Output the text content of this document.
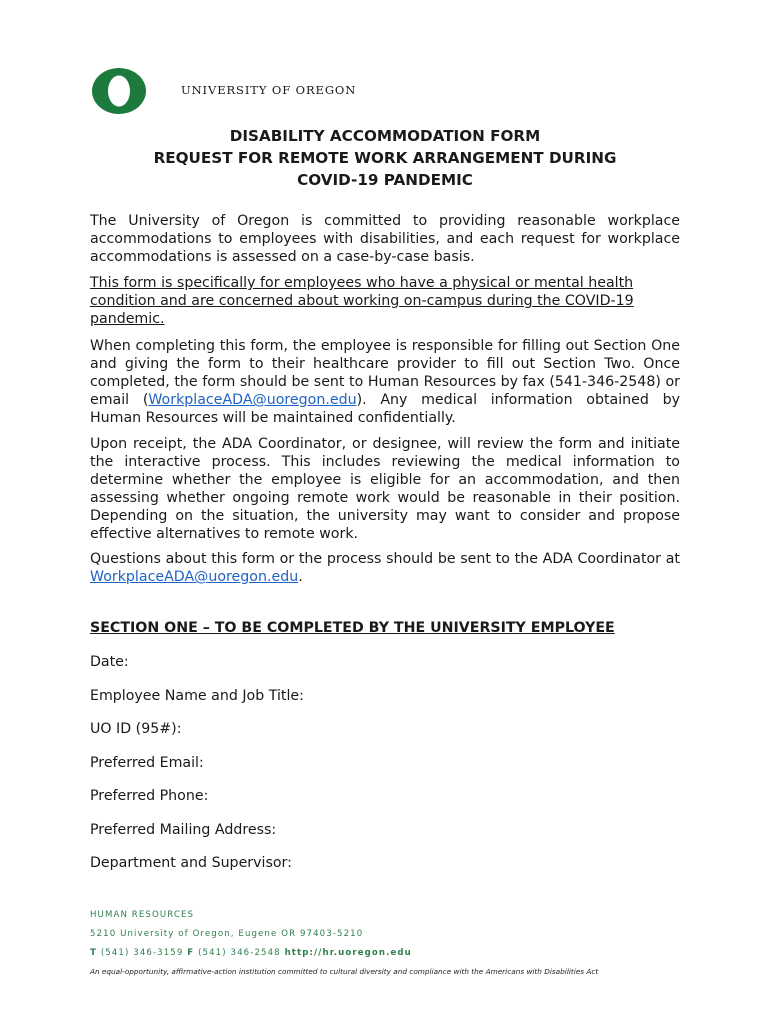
UNIVERSITY OF OREGON
DISABILITY ACCOMMODATION FORM
REQUEST FOR REMOTE WORK ARRANGEMENT DURING
COVID-19 PANDEMIC
The University of Oregon is committed to providing reasonable workplace accommodations to employees with disabilities, and each request for workplace accommodations is assessed on a case-by-case basis.
This form is specifically for employees who have a physical or mental health condition and are concerned about working on-campus during the COVID-19 pandemic.
When completing this form, the employee is responsible for filling out Section One and giving the form to their healthcare provider to fill out Section Two. Once completed, the form should be sent to Human Resources by fax (541-346-2548) or email (WorkplaceADA@uoregon.edu). Any medical information obtained by Human Resources will be maintained confidentially.
Upon receipt, the ADA Coordinator, or designee, will review the form and initiate the interactive process. This includes reviewing the medical information to determine whether the employee is eligible for an accommodation, and then assessing whether ongoing remote work would be reasonable in their position. Depending on the situation, the university may want to consider and propose effective alternatives to remote work.
Questions about this form or the process should be sent to the ADA Coordinator at WorkplaceADA@uoregon.edu.
SECTION ONE – TO BE COMPLETED BY THE UNIVERSITY EMPLOYEE
Date:
Employee Name and Job Title:
UO ID (95#):
Preferred Email:
Preferred Phone:
Preferred Mailing Address:
Department and Supervisor:
HUMAN RESOURCES
5210 University of Oregon, Eugene OR 97403-5210
T (541) 346-3159 F (541) 346-2548 http://hr.uoregon.edu
An equal-opportunity, affirmative-action institution committed to cultural diversity and compliance with the Americans with Disabilities Act
